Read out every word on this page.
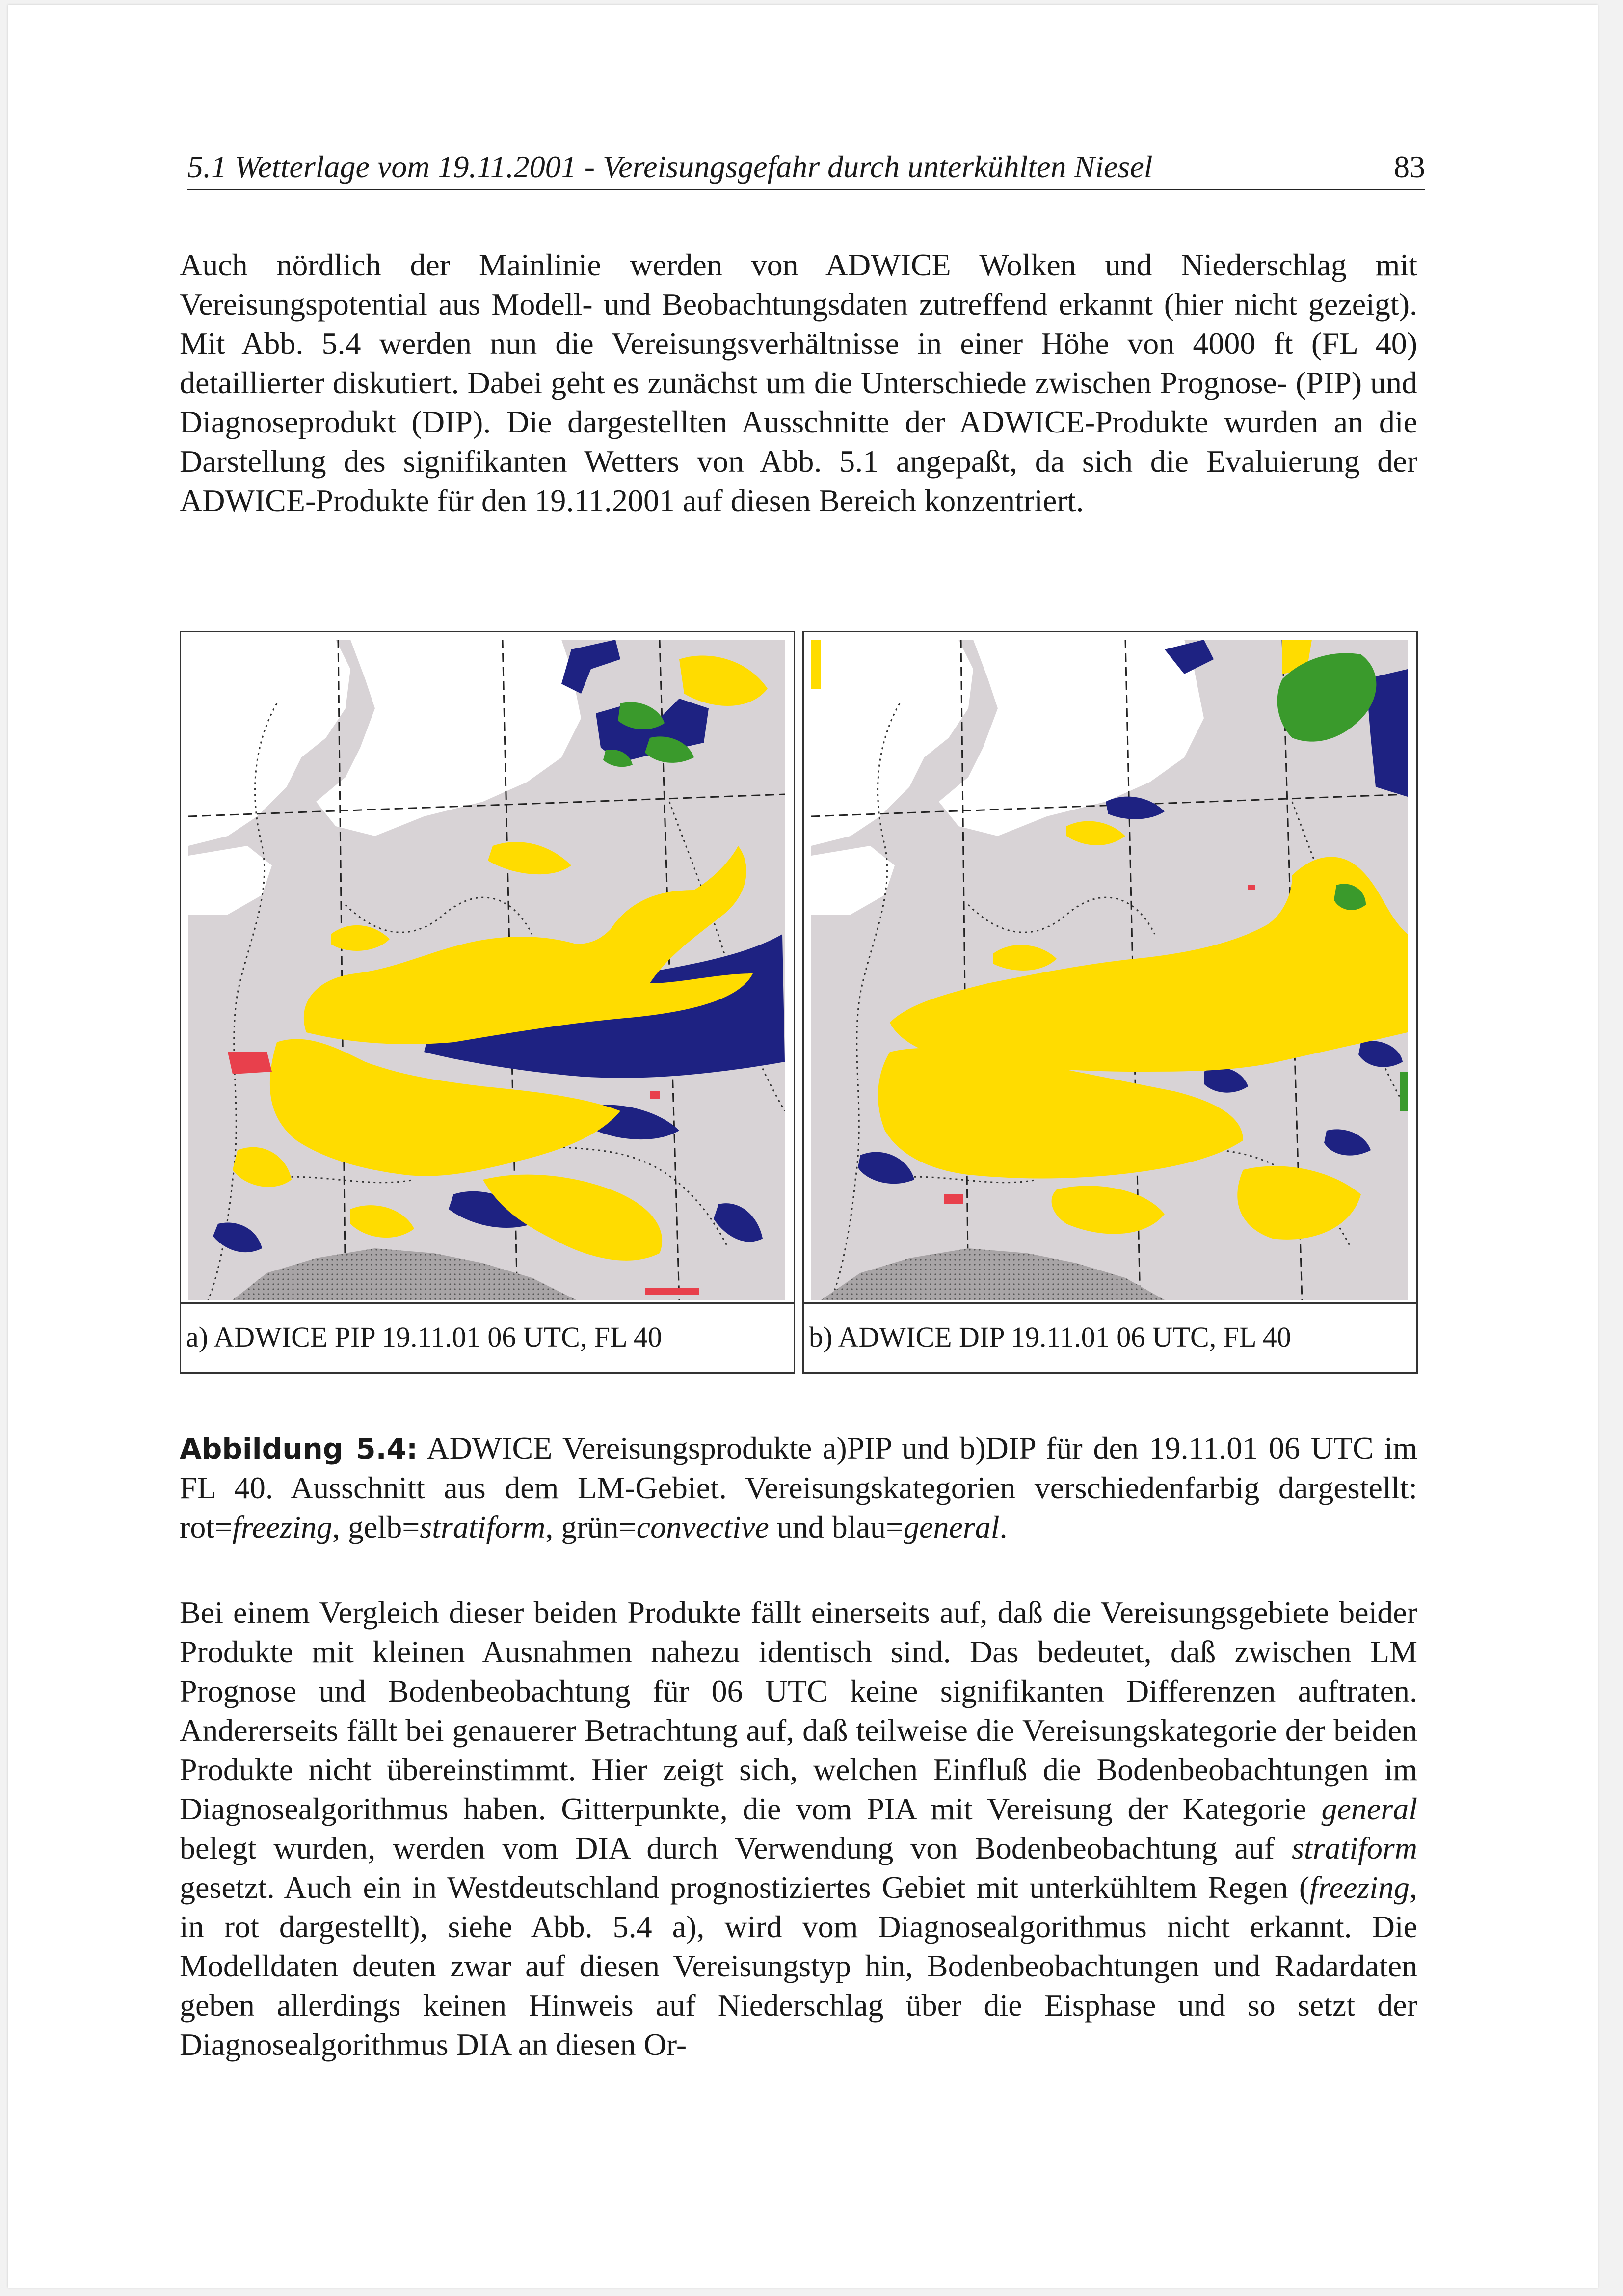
5.1 Wetterlage vom 19.11.2001 - Vereisungsgefahr durch unterkühlten Niesel	83

Auch nördlich der Mainlinie werden von ADWICE Wolken und Niederschlag mit Vereisungspotential aus Modell- und Beobachtungsdaten zutreffend erkannt (hier nicht gezeigt). Mit Abb. 5.4 werden nun die Vereisungsverhältnisse in einer Höhe von 4000 ft (FL 40) detaillierter diskutiert. Dabei geht es zunächst um die Unterschiede zwischen Prognose- (PIP) und Diagnoseprodukt (DIP). Die dargestellten Ausschnitte der ADWICE-Produkte wurden an die Darstellung des signifikanten Wetters von Abb. 5.1 angepaßt, da sich die Evaluierung der ADWICE-Produkte für den 19.11.2001 auf diesen Bereich konzentriert.

a) ADWICE PIP 19.11.01 06 UTC, FL 40	b) ADWICE DIP 19.11.01 06 UTC, FL 40

Abbildung 5.4: ADWICE Vereisungsprodukte a)PIP und b)DIP für den 19.11.01 06 UTC im FL 40. Ausschnitt aus dem LM-Gebiet. Vereisungskategorien verschiedenfarbig dargestellt: rot=freezing, gelb=stratiform, grün=convective und blau=general.

Bei einem Vergleich dieser beiden Produkte fällt einerseits auf, daß die Vereisungsgebiete beider Produkte mit kleinen Ausnahmen nahezu identisch sind. Das bedeutet, daß zwischen LM Prognose und Bodenbeobachtung für 06 UTC keine signifikanten Differenzen auftraten. Andererseits fällt bei genauerer Betrachtung auf, daß teilweise die Vereisungskategorie der beiden Produkte nicht übereinstimmt. Hier zeigt sich, welchen Einfluß die Bodenbeobachtungen im Diagnosealgorithmus haben. Gitterpunkte, die vom PIA mit Vereisung der Kategorie general belegt wurden, werden vom DIA durch Verwendung von Bodenbeobachtung auf stratiform gesetzt. Auch ein in Westdeutschland prognostiziertes Gebiet mit unterkühltem Regen (freezing, in rot dargestellt), siehe Abb. 5.4 a), wird vom Diagnosealgorithmus nicht erkannt. Die Modelldaten deuten zwar auf diesen Vereisungstyp hin, Bodenbeobachtungen und Radardaten geben allerdings keinen Hinweis auf Niederschlag über die Eisphase und so setzt der Diagnosealgorithmus DIA an diesen Or-
